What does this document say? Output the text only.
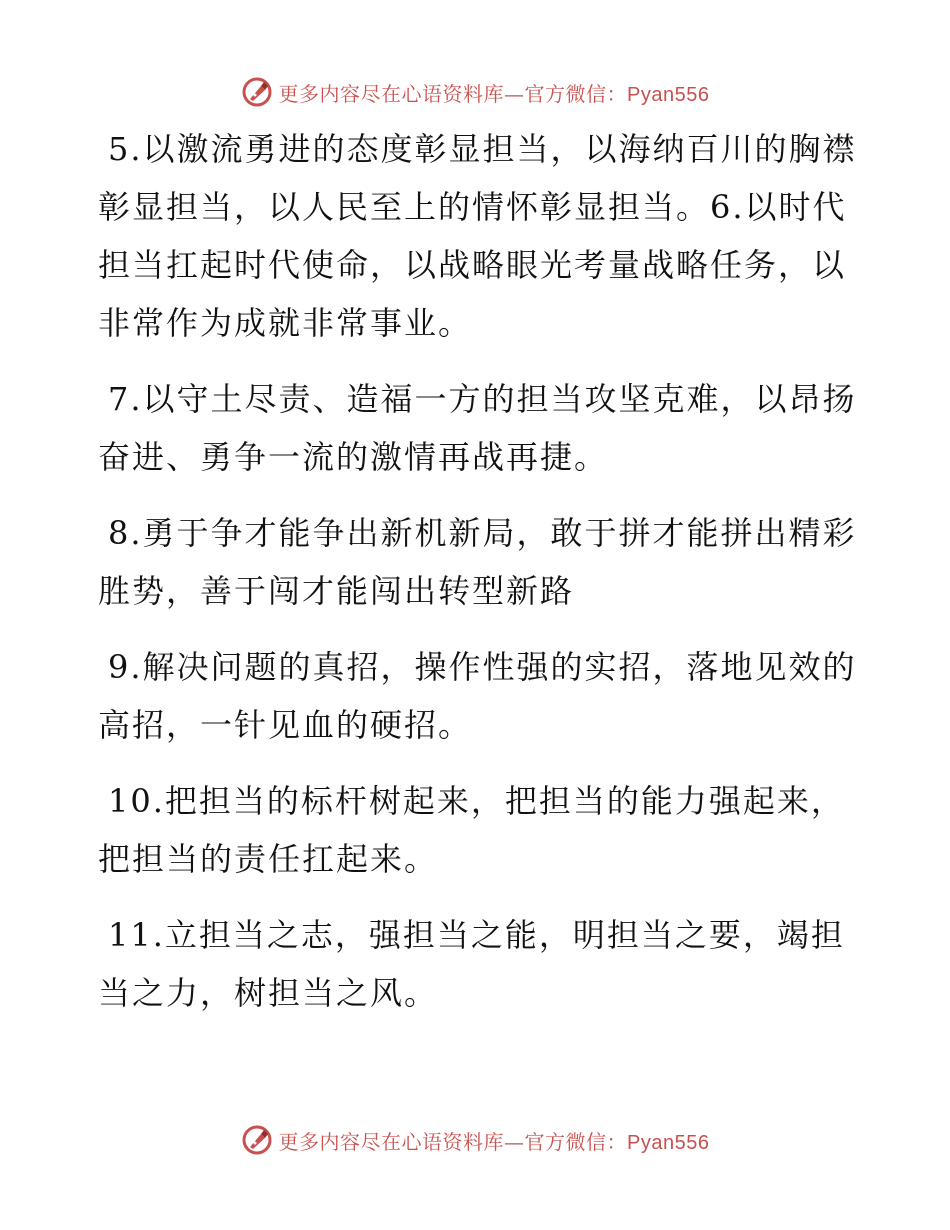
更多内容尽在心语资料库—官方微信：Pyan556

5.以激流勇进的态度彰显担当，以海纳百川的胸襟彰显担当，以人民至上的情怀彰显担当。6.以时代担当扛起时代使命，以战略眼光考量战略任务，以非常作为成就非常事业。

7.以守土尽责、造福一方的担当攻坚克难，以昂扬奋进、勇争一流的激情再战再捷。

8.勇于争才能争出新机新局，敢于拼才能拼出精彩胜势，善于闯才能闯出转型新路

9.解决问题的真招，操作性强的实招，落地见效的高招，一针见血的硬招。

10.把担当的标杆树起来，把担当的能力强起来，把担当的责任扛起来。

11.立担当之志，强担当之能，明担当之要，竭担当之力，树担当之风。

更多内容尽在心语资料库—官方微信：Pyan556
